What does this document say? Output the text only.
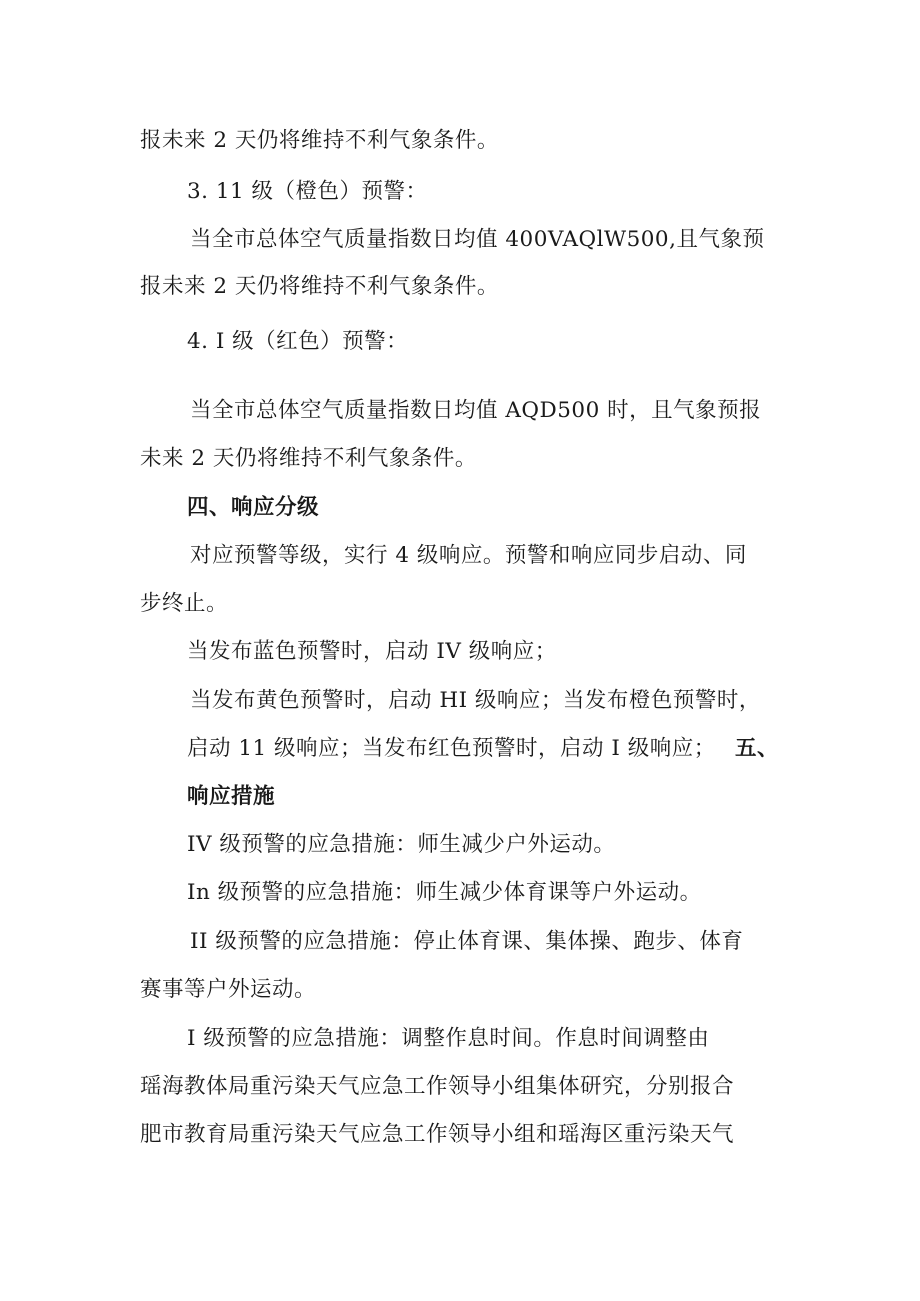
报未来 2 天仍将维持不利气象条件。
3. 11 级（橙色）预警：
当全市总体空气质量指数日均值 400VAQlW500,且气象预
报未来 2 天仍将维持不利气象条件。
4. I 级（红色）预警：
当全市总体空气质量指数日均值 AQD500 时，且气象预报
未来 2 天仍将维持不利气象条件。
四、响应分级
对应预警等级，实行 4 级响应。预警和响应同步启动、同
步终止。
当发布蓝色预警时，启动 IV 级响应；
当发布黄色预警时，启动 HI 级响应；当发布橙色预警时，
启动 11 级响应；当发布红色预警时，启动 I 级响应； 五、
响应措施
IV 级预警的应急措施：师生减少户外运动。
In 级预警的应急措施：师生减少体育课等户外运动。
II 级预警的应急措施：停止体育课、集体操、跑步、体育
赛事等户外运动。
I 级预警的应急措施：调整作息时间。作息时间调整由
瑶海教体局重污染天气应急工作领导小组集体研究，分别报合
肥市教育局重污染天气应急工作领导小组和瑶海区重污染天气
